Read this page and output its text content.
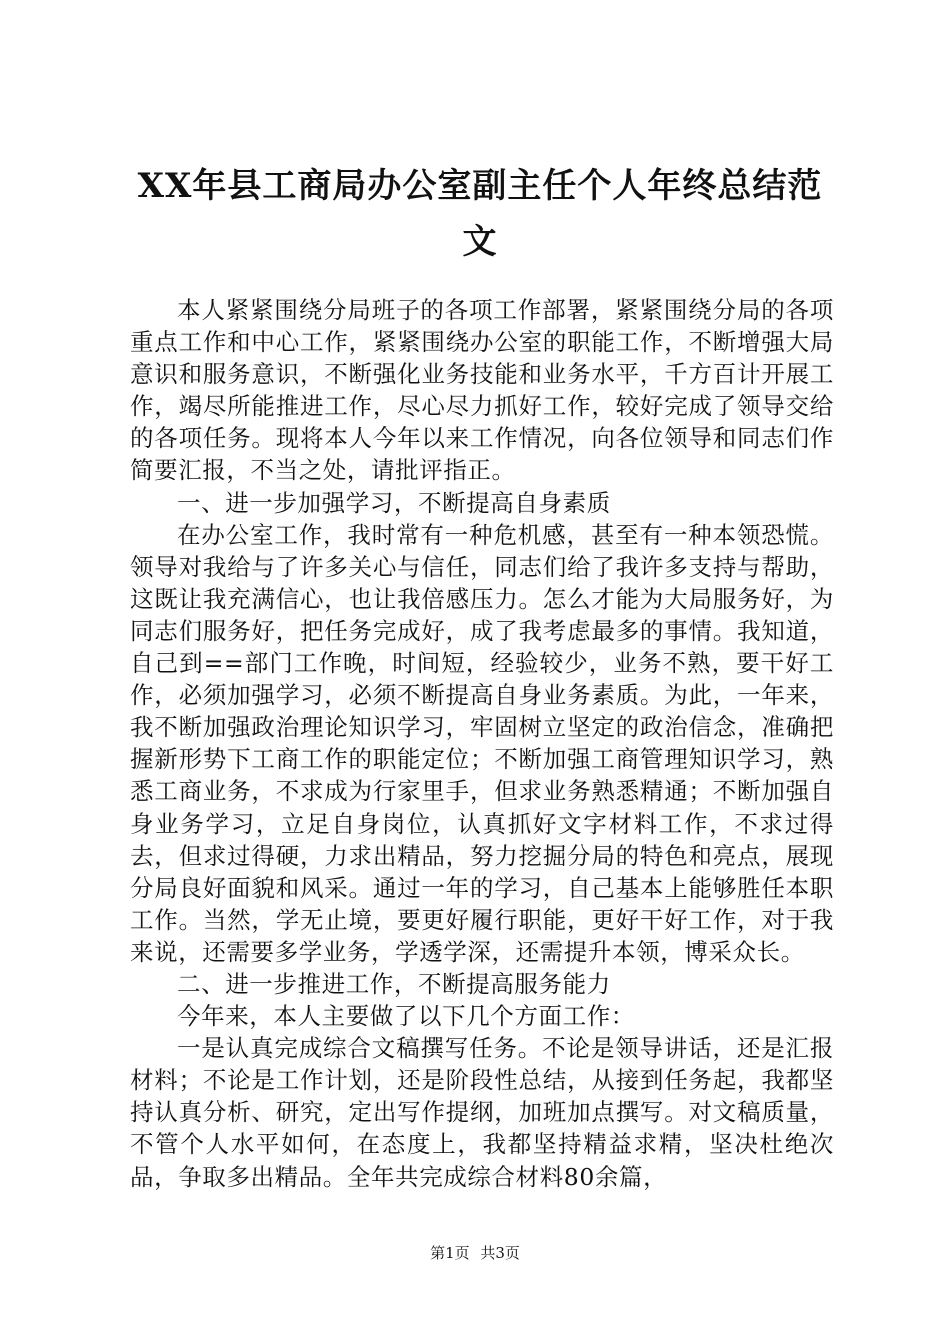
XX年县工商局办公室副主任个人年终总结范文

本人紧紧围绕分局班子的各项工作部署，紧紧围绕分局的各项重点工作和中心工作，紧紧围绕办公室的职能工作，不断增强大局意识和服务意识，不断强化业务技能和业务水平，千方百计开展工作，竭尽所能推进工作，尽心尽力抓好工作，较好完成了领导交给的各项任务。现将本人今年以来工作情况，向各位领导和同志们作简要汇报，不当之处，请批评指正。

一、进一步加强学习，不断提高自身素质

在办公室工作，我时常有一种危机感，甚至有一种本领恐慌。领导对我给与了许多关心与信任，同志们给了我许多支持与帮助，这既让我充满信心，也让我倍感压力。怎么才能为大局服务好，为同志们服务好，把任务完成好，成了我考虑最多的事情。我知道，自己到==部门工作晚，时间短，经验较少，业务不熟，要干好工作，必须加强学习，必须不断提高自身业务素质。为此，一年来，我不断加强政治理论知识学习，牢固树立坚定的政治信念，准确把握新形势下工商工作的职能定位；不断加强工商管理知识学习，熟悉工商业务，不求成为行家里手，但求业务熟悉精通；不断加强自身业务学习，立足自身岗位，认真抓好文字材料工作，不求过得去，但求过得硬，力求出精品，努力挖掘分局的特色和亮点，展现分局良好面貌和风采。通过一年的学习，自己基本上能够胜任本职工作。当然，学无止境，要更好履行职能，更好干好工作，对于我来说，还需要多学业务，学透学深，还需提升本领，博采众长。

二、进一步推进工作，不断提高服务能力

今年来，本人主要做了以下几个方面工作：

一是认真完成综合文稿撰写任务。不论是领导讲话，还是汇报材料；不论是工作计划，还是阶段性总结，从接到任务起，我都坚持认真分析、研究，定出写作提纲，加班加点撰写。对文稿质量，不管个人水平如何，在态度上，我都坚持精益求精，坚决杜绝次品，争取多出精品。全年共完成综合材料80余篇，

第1页 共3页
